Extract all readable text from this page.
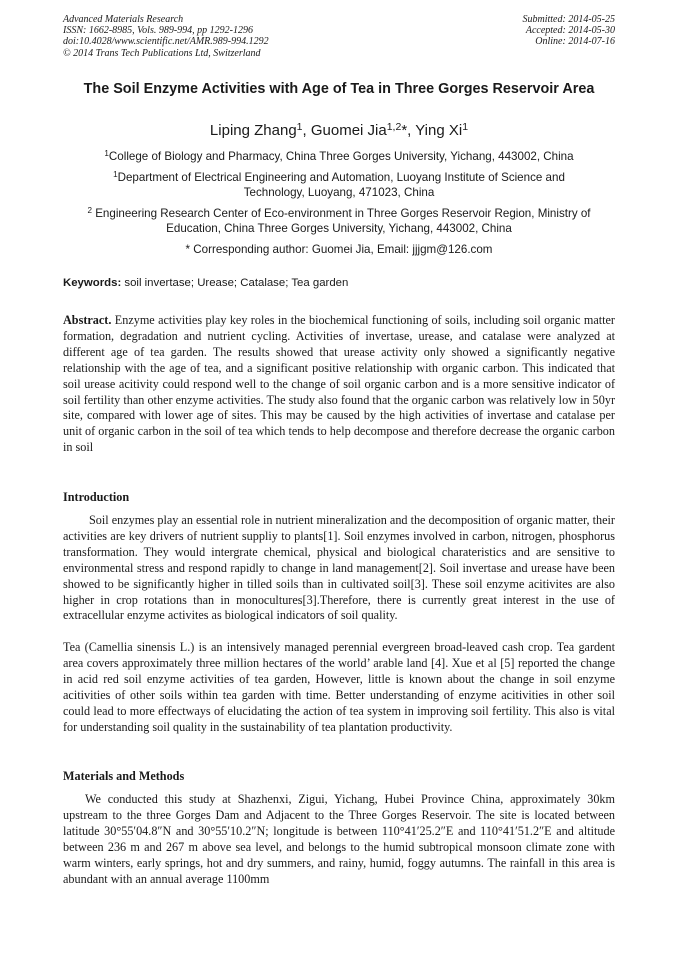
Advanced Materials Research
ISSN: 1662-8985, Vols. 989-994, pp 1292-1296
doi:10.4028/www.scientific.net/AMR.989-994.1292
© 2014 Trans Tech Publications Ltd, Switzerland
Submitted: 2014-05-25
Accepted: 2014-05-30
Online: 2014-07-16
The Soil Enzyme Activities with Age of Tea in Three Gorges Reservoir Area
Liping Zhang$^1$, Guomei Jia$^{1,2}$*, Ying Xi$^1$
$^1$College of Biology and Pharmacy, China Three Gorges University, Yichang, 443002, China
$^1$Department of Electrical Engineering and Automation, Luoyang Institute of Science and Technology, Luoyang, 471023, China
$^2$ Engineering Research Center of Eco-environment in Three Gorges Reservoir Region, Ministry of Education, China Three Gorges University, Yichang, 443002, China
* Corresponding author: Guomei Jia, Email: jjjgm@126.com
Keywords: soil invertase; Urease; Catalase; Tea garden

Abstract. Enzyme activities play key roles in the biochemical functioning of soils, including soil organic matter formation, degradation and nutrient cycling. Activities of invertase, urease, and catalase were analyzed at different age of tea garden. The results showed that urease activity only showed a significantly negative relationship with the age of tea, and a significant positive relationship with organic carbon. This indicated that soil urease acitivity could respond well to the change of soil organic carbon and is a more sensitive indicator of soil fertility than other enzyme activities. The study also found that the organic carbon was relatively low in 50yr site, compared with lower age of sites. This may be caused by the high activities of invertase and catalase per unit of organic carbon in the soil of tea which tends to help decompose and therefore decrease the organic carbon in soil

Introduction

Soil enzymes play an essential role in nutrient mineralization and the decomposition of organic matter, their activities are key drivers of nutrient suppliy to plants[1]. Soil enzymes involved in carbon, nitrogen, phosphorus transformation. They would intergrate chemical, physical and biological charateristics and are sensitive to environmental stress and respond rapidly to change in land management[2]. Soil invertase and urease have been showed to be significantly higher in tilled soils than in cultivated soil[3]. These soil enzyme acitivites are also higher in crop rotations than in monocultures[3].Therefore, there is currently great interest in the use of extracellular enzyme activites as biological indicators of soil quality.

Tea (Camellia sinensis L.) is an intensively managed perennial evergreen broad-leaved cash crop. Tea gardent area covers approximately three million hectares of the world’ arable land [4]. Xue et al [5] reported the change in acid red soil enzyme activities of tea garden, However, little is known about the change in soil enzyme acitivities of other soils within tea garden with time. Better understanding of enzyme acitivities in other soil could lead to more effectways of elucidating the action of tea system in improving soil fertility. This also is vital for understanding soil quality in the sustainability of tea plantation productivity.

Materials and Methods

We conducted this study at Shazhenxi, Zigui, Yichang, Hubei Province China, approximately 30km upstream to the three Gorges Dam and Adjacent to the Three Gorges Reservoir. The site is located between latitude 30°55′04.8″N and 30°55′10.2″N; longitude is between 110°41′25.2″E and 110°41′51.2″E and altitude between 236 m and 267 m above sea level, and belongs to the humid subtropical monsoon climate zone with warm winters, early springs, hot and dry summers, and rainy, humid, foggy autumns. The rainfall in this area is abundant with an annual average 1100mm
